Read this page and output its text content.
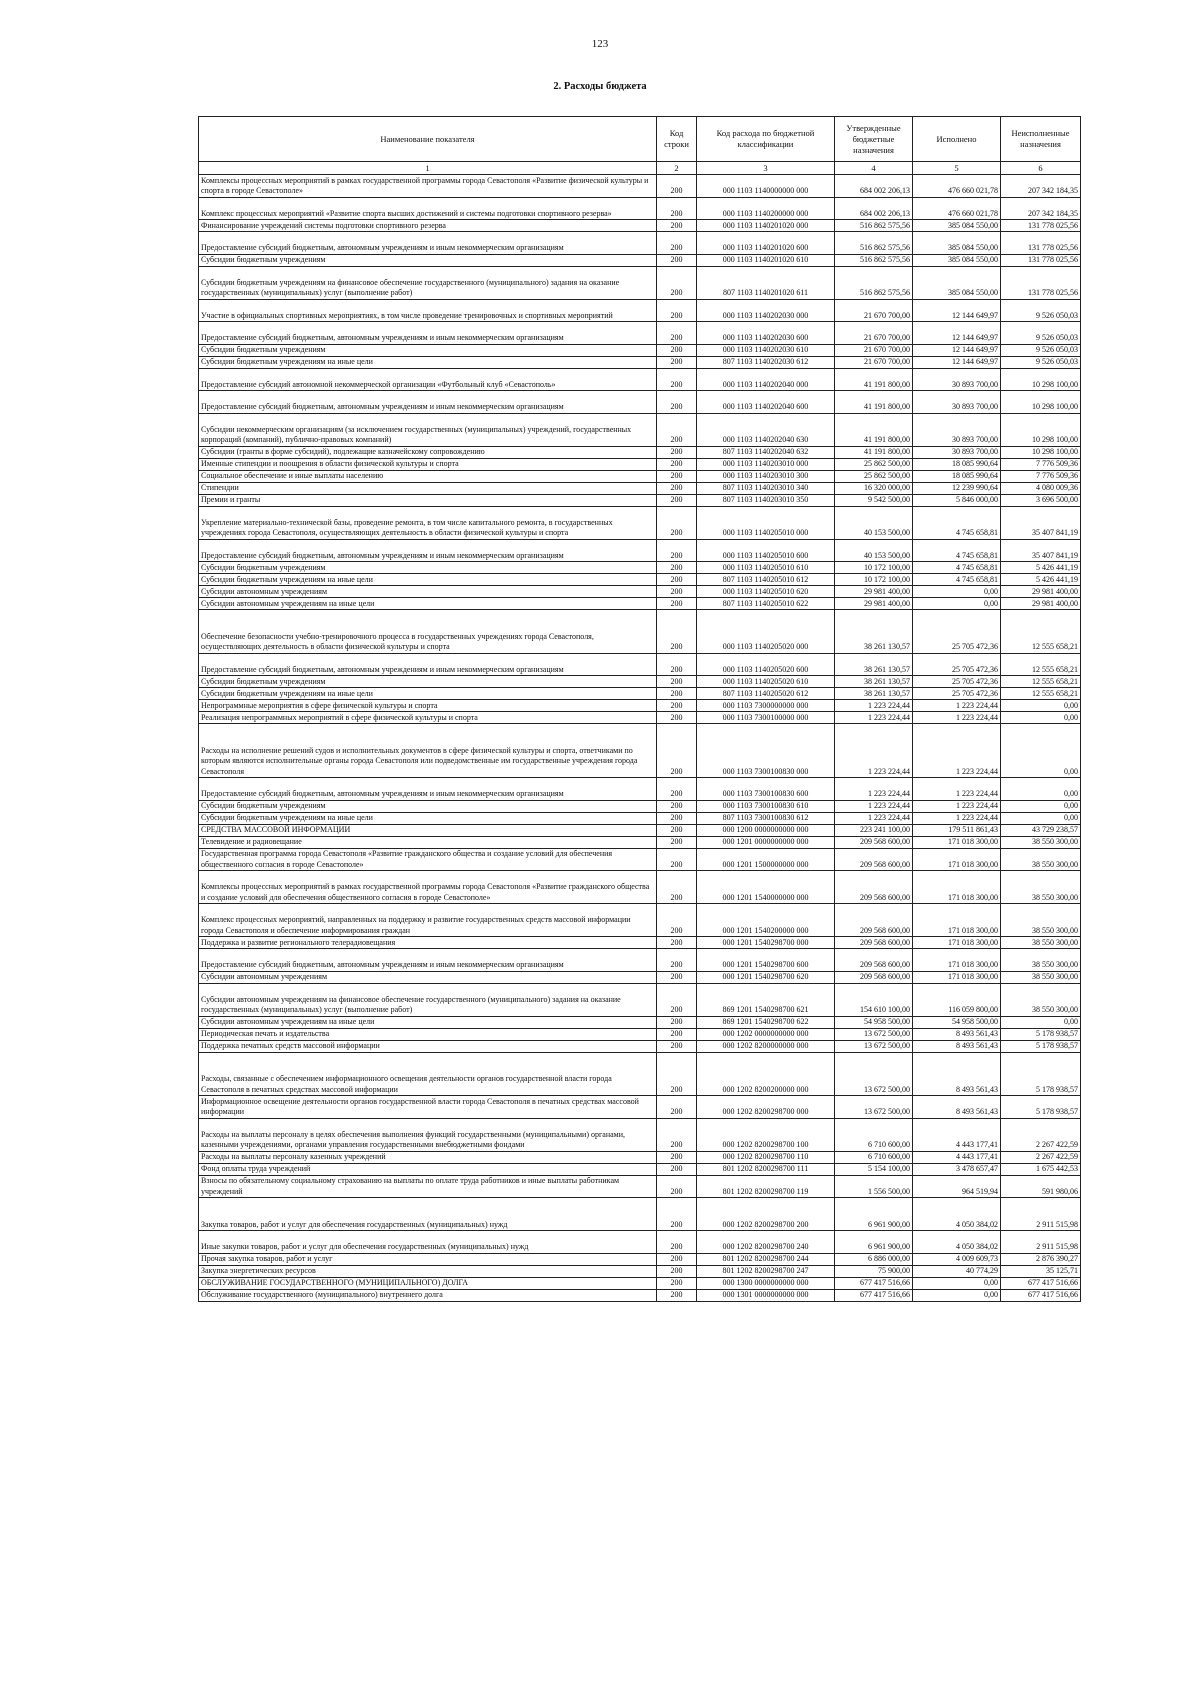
123
2. Расходы бюджета
Наименование показателя	Код строки	Код расхода по бюджетной классификации	Утвержденные бюджетные назначения	Исполнено	Неисполненные назначения
1	2	3	4	5	6
Комплексы процессных мероприятий в рамках государственной программы города Севастополя «Развитие физической культуры и спорта в городе Севастополе»	200	000 1103 1140000000 000	684 002 206,13	476 660 021,78	207 342 184,35
Комплекс процессных мероприятий «Развитие спорта высших достижений и системы подготовки спортивного резерва»	200	000 1103 1140200000 000	684 002 206,13	476 660 021,78	207 342 184,35
Финансирование учреждений системы подготовки спортивного резерва	200	000 1103 1140201020 000	516 862 575,56	385 084 550,00	131 778 025,56
Предоставление субсидий бюджетным, автономным учреждениям и иным некоммерческим организациям	200	000 1103 1140201020 600	516 862 575,56	385 084 550,00	131 778 025,56
Субсидии бюджетным учреждениям	200	000 1103 1140201020 610	516 862 575,56	385 084 550,00	131 778 025,56
Субсидии бюджетным учреждениям на финансовое обеспечение государственного (муниципального) задания на оказание государственных (муниципальных) услуг (выполнение работ)	200	807 1103 1140201020 611	516 862 575,56	385 084 550,00	131 778 025,56
Участие в официальных спортивных мероприятиях, в том числе проведение тренировочных и спортивных мероприятий	200	000 1103 1140202030 000	21 670 700,00	12 144 649,97	9 526 050,03
Предоставление субсидий бюджетным, автономным учреждениям и иным некоммерческим организациям	200	000 1103 1140202030 600	21 670 700,00	12 144 649,97	9 526 050,03
Субсидии бюджетным учреждениям	200	000 1103 1140202030 610	21 670 700,00	12 144 649,97	9 526 050,03
Субсидии бюджетным учреждениям на иные цели	200	807 1103 1140202030 612	21 670 700,00	12 144 649,97	9 526 050,03
Предоставление субсидий автономной некоммерческой организации «Футбольный клуб «Севастополь»	200	000 1103 1140202040 000	41 191 800,00	30 893 700,00	10 298 100,00
Предоставление субсидий бюджетным, автономным учреждениям и иным некоммерческим организациям	200	000 1103 1140202040 600	41 191 800,00	30 893 700,00	10 298 100,00
Субсидии некоммерческим организациям (за исключением государственных (муниципальных) учреждений, государственных корпораций (компаний), публично-правовых компаний)	200	000 1103 1140202040 630	41 191 800,00	30 893 700,00	10 298 100,00
Субсидии (гранты в форме субсидий), подлежащие казначейскому сопровождению	200	807 1103 1140202040 632	41 191 800,00	30 893 700,00	10 298 100,00
Именные стипендии и поощрения в области физической культуры и спорта	200	000 1103 1140203010 000	25 862 500,00	18 085 990,64	7 776 509,36
Социальное обеспечение и иные выплаты населению	200	000 1103 1140203010 300	25 862 500,00	18 085 990,64	7 776 509,36
Стипендии	200	807 1103 1140203010 340	16 320 000,00	12 239 990,64	4 080 009,36
Премии и гранты	200	807 1103 1140203010 350	9 542 500,00	5 846 000,00	3 696 500,00
Укрепление материально-технической базы, проведение ремонта, в том числе капитального ремонта, в государственных учреждениях города Севастополя, осуществляющих деятельность в области физической культуры и спорта	200	000 1103 1140205010 000	40 153 500,00	4 745 658,81	35 407 841,19
Предоставление субсидий бюджетным, автономным учреждениям и иным некоммерческим организациям	200	000 1103 1140205010 600	40 153 500,00	4 745 658,81	35 407 841,19
Субсидии бюджетным учреждениям	200	000 1103 1140205010 610	10 172 100,00	4 745 658,81	5 426 441,19
Субсидии бюджетным учреждениям на иные цели	200	807 1103 1140205010 612	10 172 100,00	4 745 658,81	5 426 441,19
Субсидии автономным учреждениям	200	000 1103 1140205010 620	29 981 400,00	0,00	29 981 400,00
Субсидии автономным учреждениям на иные цели	200	807 1103 1140205010 622	29 981 400,00	0,00	29 981 400,00
Обеспечение безопасности учебно-тренировочного процесса в государственных учреждениях города Севастополя, осуществляющих деятельность в области физической культуры и спорта	200	000 1103 1140205020 000	38 261 130,57	25 705 472,36	12 555 658,21
Предоставление субсидий бюджетным, автономным учреждениям и иным некоммерческим организациям	200	000 1103 1140205020 600	38 261 130,57	25 705 472,36	12 555 658,21
Субсидии бюджетным учреждениям	200	000 1103 1140205020 610	38 261 130,57	25 705 472,36	12 555 658,21
Субсидии бюджетным учреждениям на иные цели	200	807 1103 1140205020 612	38 261 130,57	25 705 472,36	12 555 658,21
Непрограммные мероприятия в сфере физической культуры и спорта	200	000 1103 7300000000 000	1 223 224,44	1 223 224,44	0,00
Реализация непрограммных мероприятий в сфере физической культуры и спорта	200	000 1103 7300100000 000	1 223 224,44	1 223 224,44	0,00
Расходы на исполнение решений судов и исполнительных документов в сфере физической культуры и спорта, ответчиками по которым являются исполнительные органы города Севастополя или подведомственные им государственные учреждения города Севастополя	200	000 1103 7300100830 000	1 223 224,44	1 223 224,44	0,00
Предоставление субсидий бюджетным, автономным учреждениям и иным некоммерческим организациям	200	000 1103 7300100830 600	1 223 224,44	1 223 224,44	0,00
Субсидии бюджетным учреждениям	200	000 1103 7300100830 610	1 223 224,44	1 223 224,44	0,00
Субсидии бюджетным учреждениям на иные цели	200	807 1103 7300100830 612	1 223 224,44	1 223 224,44	0,00
СРЕДСТВА МАССОВОЙ ИНФОРМАЦИИ	200	000 1200 0000000000 000	223 241 100,00	179 511 861,43	43 729 238,57
Телевидение и радиовещание	200	000 1201 0000000000 000	209 568 600,00	171 018 300,00	38 550 300,00
Государственная программа города Севастополя «Развитие гражданского общества и создание условий для обеспечения общественного согласия в городе Севастополе»	200	000 1201 1500000000 000	209 568 600,00	171 018 300,00	38 550 300,00
Комплексы процессных мероприятий в рамках государственной программы города Севастополя «Развитие гражданского общества и создание условий для обеспечения общественного согласия в городе Севастополе»	200	000 1201 1540000000 000	209 568 600,00	171 018 300,00	38 550 300,00
Комплекс процессных мероприятий, направленных на поддержку и развитие государственных средств массовой информации города Севастополя и обеспечение информирования граждан	200	000 1201 1540200000 000	209 568 600,00	171 018 300,00	38 550 300,00
Поддержка и развитие регионального телерадиовещания	200	000 1201 1540298700 000	209 568 600,00	171 018 300,00	38 550 300,00
Предоставление субсидий бюджетным, автономным учреждениям и иным некоммерческим организациям	200	000 1201 1540298700 600	209 568 600,00	171 018 300,00	38 550 300,00
Субсидии автономным учреждениям	200	000 1201 1540298700 620	209 568 600,00	171 018 300,00	38 550 300,00
Субсидии автономным учреждениям на финансовое обеспечение государственного (муниципального) задания на оказание государственных (муниципальных) услуг (выполнение работ)	200	869 1201 1540298700 621	154 610 100,00	116 059 800,00	38 550 300,00
Субсидии автономным учреждениям на иные цели	200	869 1201 1540298700 622	54 958 500,00	54 958 500,00	0,00
Периодическая печать и издательства	200	000 1202 0000000000 000	13 672 500,00	8 493 561,43	5 178 938,57
Поддержка печатных средств массовой информации	200	000 1202 8200000000 000	13 672 500,00	8 493 561,43	5 178 938,57
Расходы, связанные с обеспечением информационного освещения деятельности органов государственной власти города Севастополя в печатных средствах массовой информации	200	000 1202 8200200000 000	13 672 500,00	8 493 561,43	5 178 938,57
Информационное освещение деятельности органов государственной власти города Севастополя в печатных средствах массовой информации	200	000 1202 8200298700 000	13 672 500,00	8 493 561,43	5 178 938,57
Расходы на выплаты персоналу в целях обеспечения выполнения функций государственными (муниципальными) органами, казенными учреждениями, органами управления государственными внебюджетными фондами	200	000 1202 8200298700 100	6 710 600,00	4 443 177,41	2 267 422,59
Расходы на выплаты персоналу казенных учреждений	200	000 1202 8200298700 110	6 710 600,00	4 443 177,41	2 267 422,59
Фонд оплаты труда учреждений	200	801 1202 8200298700 111	5 154 100,00	3 478 657,47	1 675 442,53
Взносы по обязательному социальному страхованию на выплаты по оплате труда работников и иные выплаты работникам учреждений	200	801 1202 8200298700 119	1 556 500,00	964 519,94	591 980,06
Закупка товаров, работ и услуг для обеспечения государственных (муниципальных) нужд	200	000 1202 8200298700 200	6 961 900,00	4 050 384,02	2 911 515,98
Иные закупки товаров, работ и услуг для обеспечения государственных (муниципальных) нужд	200	000 1202 8200298700 240	6 961 900,00	4 050 384,02	2 911 515,98
Прочая закупка товаров, работ и услуг	200	801 1202 8200298700 244	6 886 000,00	4 009 609,73	2 876 390,27
Закупка энергетических ресурсов	200	801 1202 8200298700 247	75 900,00	40 774,29	35 125,71
ОБСЛУЖИВАНИЕ ГОСУДАРСТВЕННОГО (МУНИЦИПАЛЬНОГО) ДОЛГА	200	000 1300 0000000000 000	677 417 516,66	0,00	677 417 516,66
Обслуживание государственного (муниципального) внутреннего долга	200	000 1301 0000000000 000	677 417 516,66	0,00	677 417 516,66
